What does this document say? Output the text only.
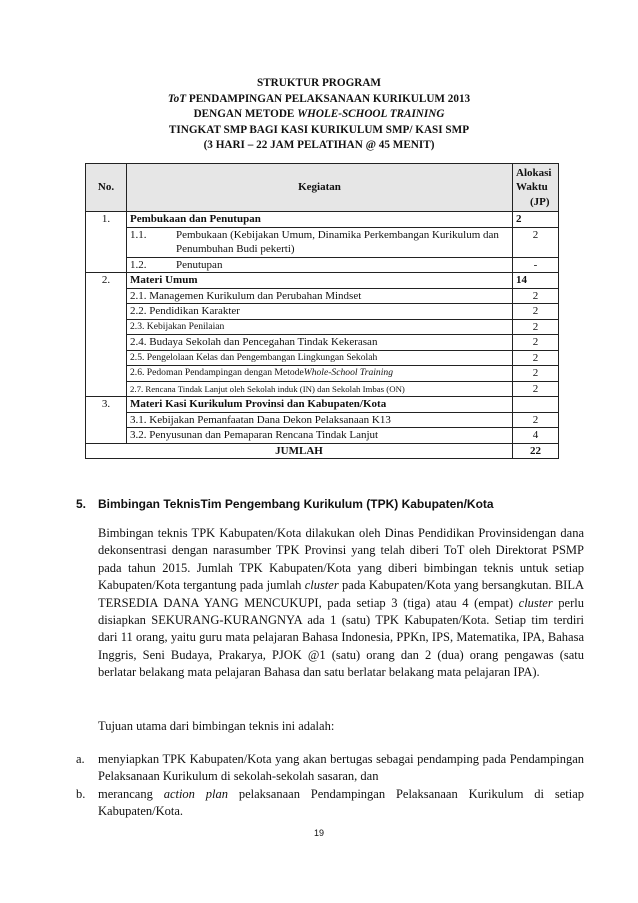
STRUKTUR PROGRAM
ToT PENDAMPINGAN PELAKSANAAN KURIKULUM 2013
DENGAN METODE WHOLE-SCHOOL TRAINING
TINGKAT SMP BAGI KASI KURIKULUM SMP/ KASI SMP
(3 HARI – 22 JAM PELATIHAN @ 45 MENIT)
No.	Kegiatan	Alokasi
Waktu
(JP)

1.	Pembukaan dan Penutupan	2
	1.1. Pembukaan (Kebijakan Umum, Dinamika Perkembangan Kurikulum dan Penumbuhan Budi pekerti)	2
	1.2. Penutupan	-
2.	Materi Umum	14
	2.1. Managemen Kurikulum dan Perubahan Mindset	2
	2.2. Pendidikan Karakter	2
	2.3. Kebijakan Penilaian	2
	2.4. Budaya Sekolah dan Pencegahan Tindak Kekerasan	2
	2.5. Pengelolaan Kelas dan Pengembangan Lingkungan Sekolah	2
	2.6. Pedoman Pendampingan dengan MetodeWhole-School Training	2
	2.7. Rencana Tindak Lanjut oleh Sekolah induk (IN) dan Sekolah Imbas (ON)	2
3.	Materi Kasi Kurikulum Provinsi dan Kabupaten/Kota	
	3.1. Kebijakan Pemanfaatan Dana Dekon Pelaksanaan K13	2
	3.2. Penyusunan dan Pemaparan Rencana Tindak Lanjut	4
JUMLAH		22
5. Bimbingan TeknisTim Pengembang Kurikulum (TPK) Kabupaten/Kota
Bimbingan teknis TPK Kabupaten/Kota dilakukan oleh Dinas Pendidikan Provinsidengan dana dekonsentrasi dengan narasumber TPK Provinsi yang telah diberi ToT oleh Direktorat PSMP pada tahun 2015. Jumlah TPK Kabupaten/Kota yang diberi bimbingan teknis untuk setiap Kabupaten/Kota tergantung pada jumlah cluster pada Kabupaten/Kota yang bersangkutan. BILA TERSEDIA DANA YANG MENCUKUPI, pada setiap 3 (tiga) atau 4 (empat) cluster perlu disiapkan SEKURANG-KURANGNYA ada 1 (satu) TPK Kabupaten/Kota. Setiap tim terdiri dari 11 orang, yaitu guru mata pelajaran Bahasa Indonesia, PPKn, IPS, Matematika, IPA, Bahasa Inggris, Seni Budaya, Prakarya, PJOK @1 (satu) orang dan 2 (dua) orang pengawas (satu berlatar belakang mata pelajaran Bahasa dan satu berlatar belakang mata pelajaran IPA).
Tujuan utama dari bimbingan teknis ini adalah:
a.	menyiapkan TPK Kabupaten/Kota yang akan bertugas sebagai pendamping pada Pendampingan Pelaksanaan Kurikulum di sekolah-sekolah sasaran, dan
b.	merancang action plan pelaksanaan Pendampingan Pelaksanaan Kurikulum di setiap Kabupaten/Kota.
19
